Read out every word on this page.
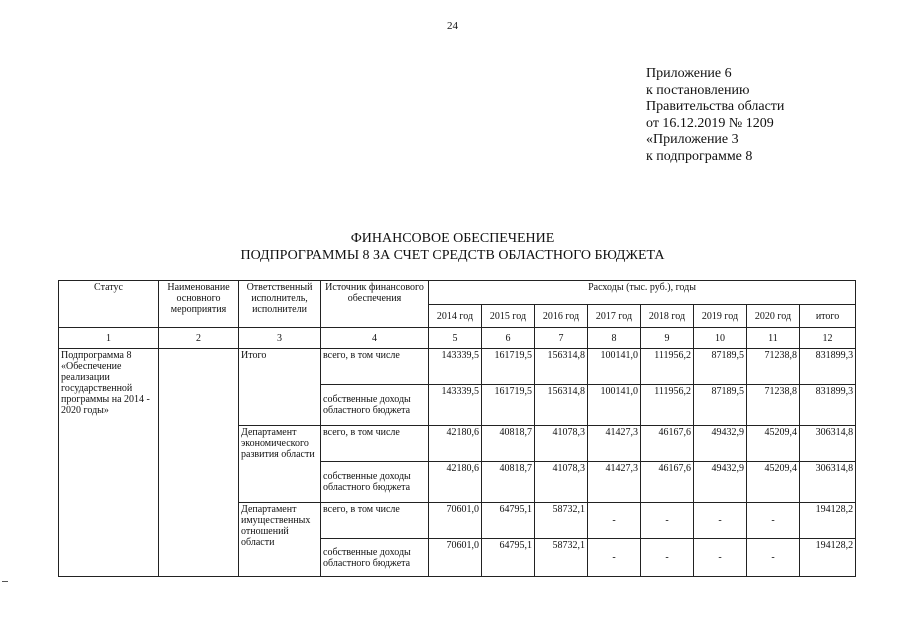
24
Приложение 6
к постановлению
Правительства области
от 16.12.2019 № 1209
«Приложение 3
к подпрограмме 8
ФИНАНСОВОЕ ОБЕСПЕЧЕНИЕ
ПОДПРОГРАММЫ 8 ЗА СЧЕТ СРЕДСТВ ОБЛАСТНОГО БЮДЖЕТА
Статус	Наименование основного мероприятия	Ответственный исполнитель, исполнители	Источник финансового обеспечения	Расходы (тыс. руб.), годы							
				2014 год	2015 год	2016 год	2017 год	2018 год	2019 год	2020 год	итого
1	2	3	4	5	6	7	8	9	10	11	12
Подпрограмма 8 «Обеспечение реализации государственной программы на 2014 - 2020 годы»		Итого	всего, в том числе	143339,5	161719,5	156314,8	100141,0	111956,2	87189,5	71238,8	831899,3
			собственные доходы областного бюджета	143339,5	161719,5	156314,8	100141,0	111956,2	87189,5	71238,8	831899,3
		Департамент экономического развития области	всего, в том числе	42180,6	40818,7	41078,3	41427,3	46167,6	49432,9	45209,4	306314,8
			собственные доходы областного бюджета	42180,6	40818,7	41078,3	41427,3	46167,6	49432,9	45209,4	306314,8
		Департамент имущественных отношений области	всего, в том числе	70601,0	64795,1	58732,1	-	-	-	-	194128,2
			собственные доходы областного бюджета	70601,0	64795,1	58732,1	-	-	-	-	194128,2
